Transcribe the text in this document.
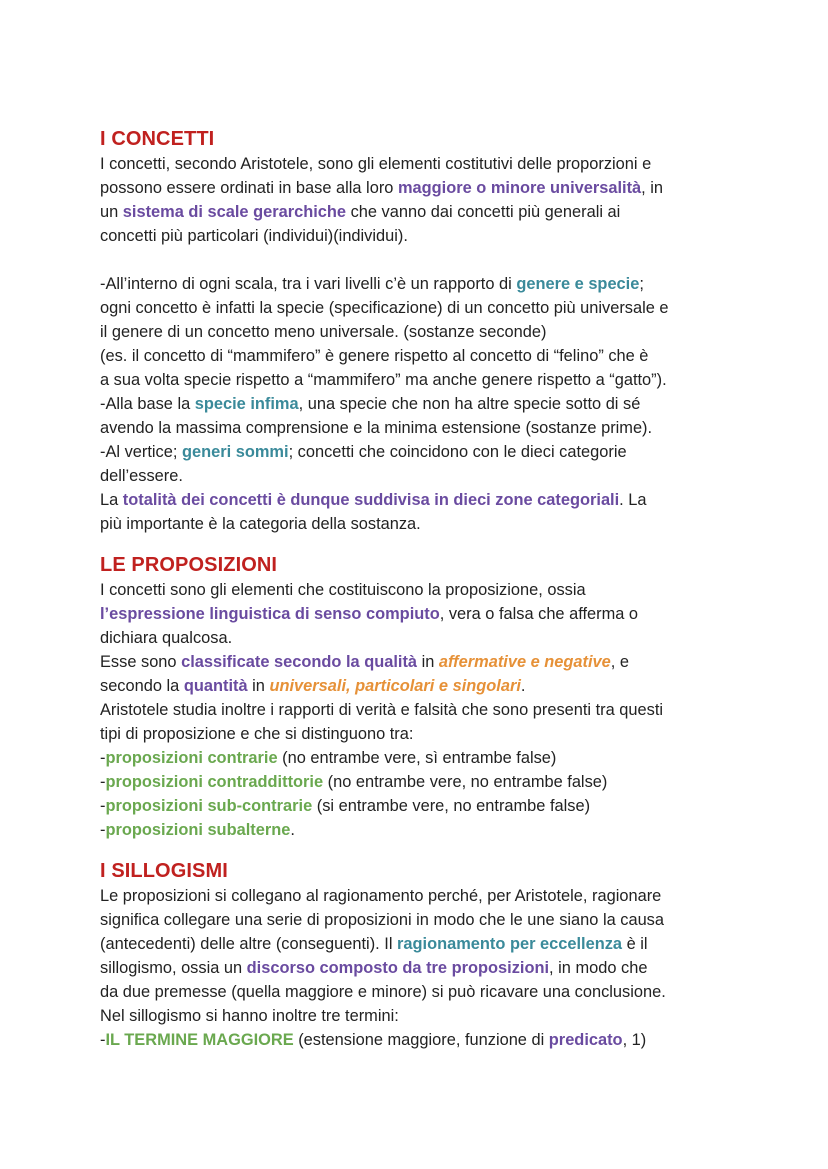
I CONCETTI
I concetti, secondo Aristotele, sono gli elementi costitutivi delle proporzioni e
possono essere ordinati in base alla loro maggiore o minore universalità, in
un sistema di scale gerarchiche che vanno dai concetti più generali ai
concetti più particolari (individui)(individui).

-All’interno di ogni scala, tra i vari livelli c’è un rapporto di genere e specie;
ogni concetto è infatti la specie (specificazione) di un concetto più universale e
il genere di un concetto meno universale. (sostanze seconde)
(es. il concetto di “mammifero” è genere rispetto al concetto di “felino” che è
a sua volta specie rispetto a “mammifero” ma anche genere rispetto a “gatto”).
-Alla base la specie infima, una specie che non ha altre specie sotto di sé
avendo la massima comprensione e la minima estensione (sostanze prime).
-Al vertice; generi sommi; concetti che coincidono con le dieci categorie
dell’essere.
La totalità dei concetti è dunque suddivisa in dieci zone categoriali. La
più importante è la categoria della sostanza.
LE PROPOSIZIONI
I concetti sono gli elementi che costituiscono la proposizione, ossia
l’espressione linguistica di senso compiuto, vera o falsa che afferma o
dichiara qualcosa.
Esse sono classificate secondo la qualità in affermative e negative, e
secondo la quantità in universali, particolari e singolari.
Aristotele studia inoltre i rapporti di verità e falsità che sono presenti tra questi
tipi di proposizione e che si distinguono tra:
-proposizioni contrarie (no entrambe vere, sì entrambe false)
-proposizioni contraddittorie (no entrambe vere, no entrambe false)
-proposizioni sub-contrarie (si entrambe vere, no entrambe false)
-proposizioni subalterne.
I SILLOGISMI
Le proposizioni si collegano al ragionamento perché, per Aristotele, ragionare
significa collegare una serie di proposizioni in modo che le une siano la causa
(antecedenti) delle altre (conseguenti). Il ragionamento per eccellenza è il
sillogismo, ossia un discorso composto da tre proposizioni, in modo che
da due premesse (quella maggiore e minore) si può ricavare una conclusione.
Nel sillogismo si hanno inoltre tre termini:
-IL TERMINE MAGGIORE (estensione maggiore, funzione di predicato, 1)
